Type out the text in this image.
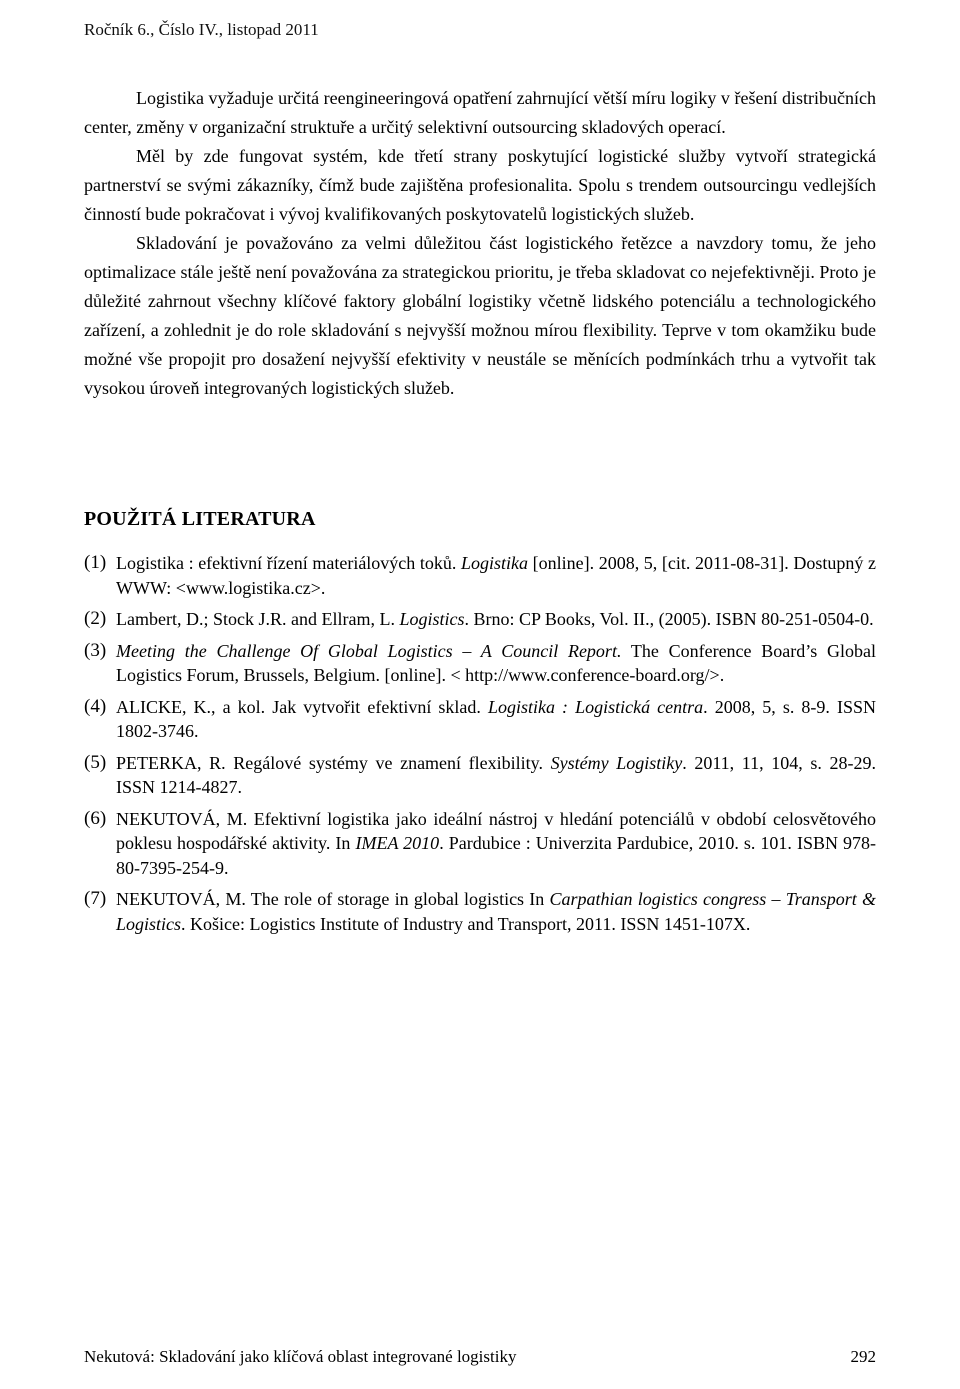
Ročník 6., Číslo IV., listopad 2011

Logistika vyžaduje určitá reengineeringová opatření zahrnující větší míru logiky v řešení distribučních center, změny v organizační struktuře a určitý selektivní outsourcing skladových operací.

Měl by zde fungovat systém, kde třetí strany poskytující logistické služby vytvoří strategická partnerství se svými zákazníky, čímž bude zajištěna profesionalita. Spolu s trendem outsourcingu vedlejších činností bude pokračovat i vývoj kvalifikovaných poskytovatelů logistických služeb.

Skladování je považováno za velmi důležitou část logistického řetězce a navzdory tomu, že jeho optimalizace stále ještě není považována za strategickou prioritu, je třeba skladovat co nejefektivněji. Proto je důležité zahrnout všechny klíčové faktory globální logistiky včetně lidského potenciálu a technologického zařízení, a zohlednit je do role skladování s nejvyšší možnou mírou flexibility. Teprve v tom okamžiku bude možné vše propojit pro dosažení nejvyšší efektivity v neustále se měnících podmínkách trhu a vytvořit tak vysokou úroveň integrovaných logistických služeb.

POUŽITÁ LITERATURA
(1) Logistika : efektivní řízení materiálových toků. Logistika [online]. 2008, 5, [cit. 2011-08-31]. Dostupný z WWW: <www.logistika.cz>.
(2) Lambert, D.; Stock J.R. and Ellram, L. Logistics. Brno: CP Books, Vol. II., (2005). ISBN 80-251-0504-0.
(3) Meeting the Challenge Of Global Logistics – A Council Report. The Conference Board’s Global Logistics Forum, Brussels, Belgium. [online]. < http://www.conference-board.org/>.
(4) ALICKE, K., a kol. Jak vytvořit efektivní sklad. Logistika : Logistická centra. 2008, 5, s. 8-9. ISSN 1802-3746.
(5) PETERKA, R. Regálové systémy ve znamení flexibility. Systémy Logistiky. 2011, 11, 104, s. 28-29. ISSN 1214-4827.
(6) NEKUTOVÁ, M. Efektivní logistika jako ideální nástroj v hledání potenciálů v období celosvětového poklesu hospodářské aktivity. In IMEA 2010. Pardubice : Univerzita Pardubice, 2010. s. 101. ISBN 978-80-7395-254-9.
(7) NEKUTOVÁ, M. The role of storage in global logistics In Carpathian logistics congress – Transport & Logistics. Košice: Logistics Institute of Industry and Transport, 2011. ISSN 1451-107X.
Nekutová: Skladování jako klíčová oblast integrované logistiky	292
